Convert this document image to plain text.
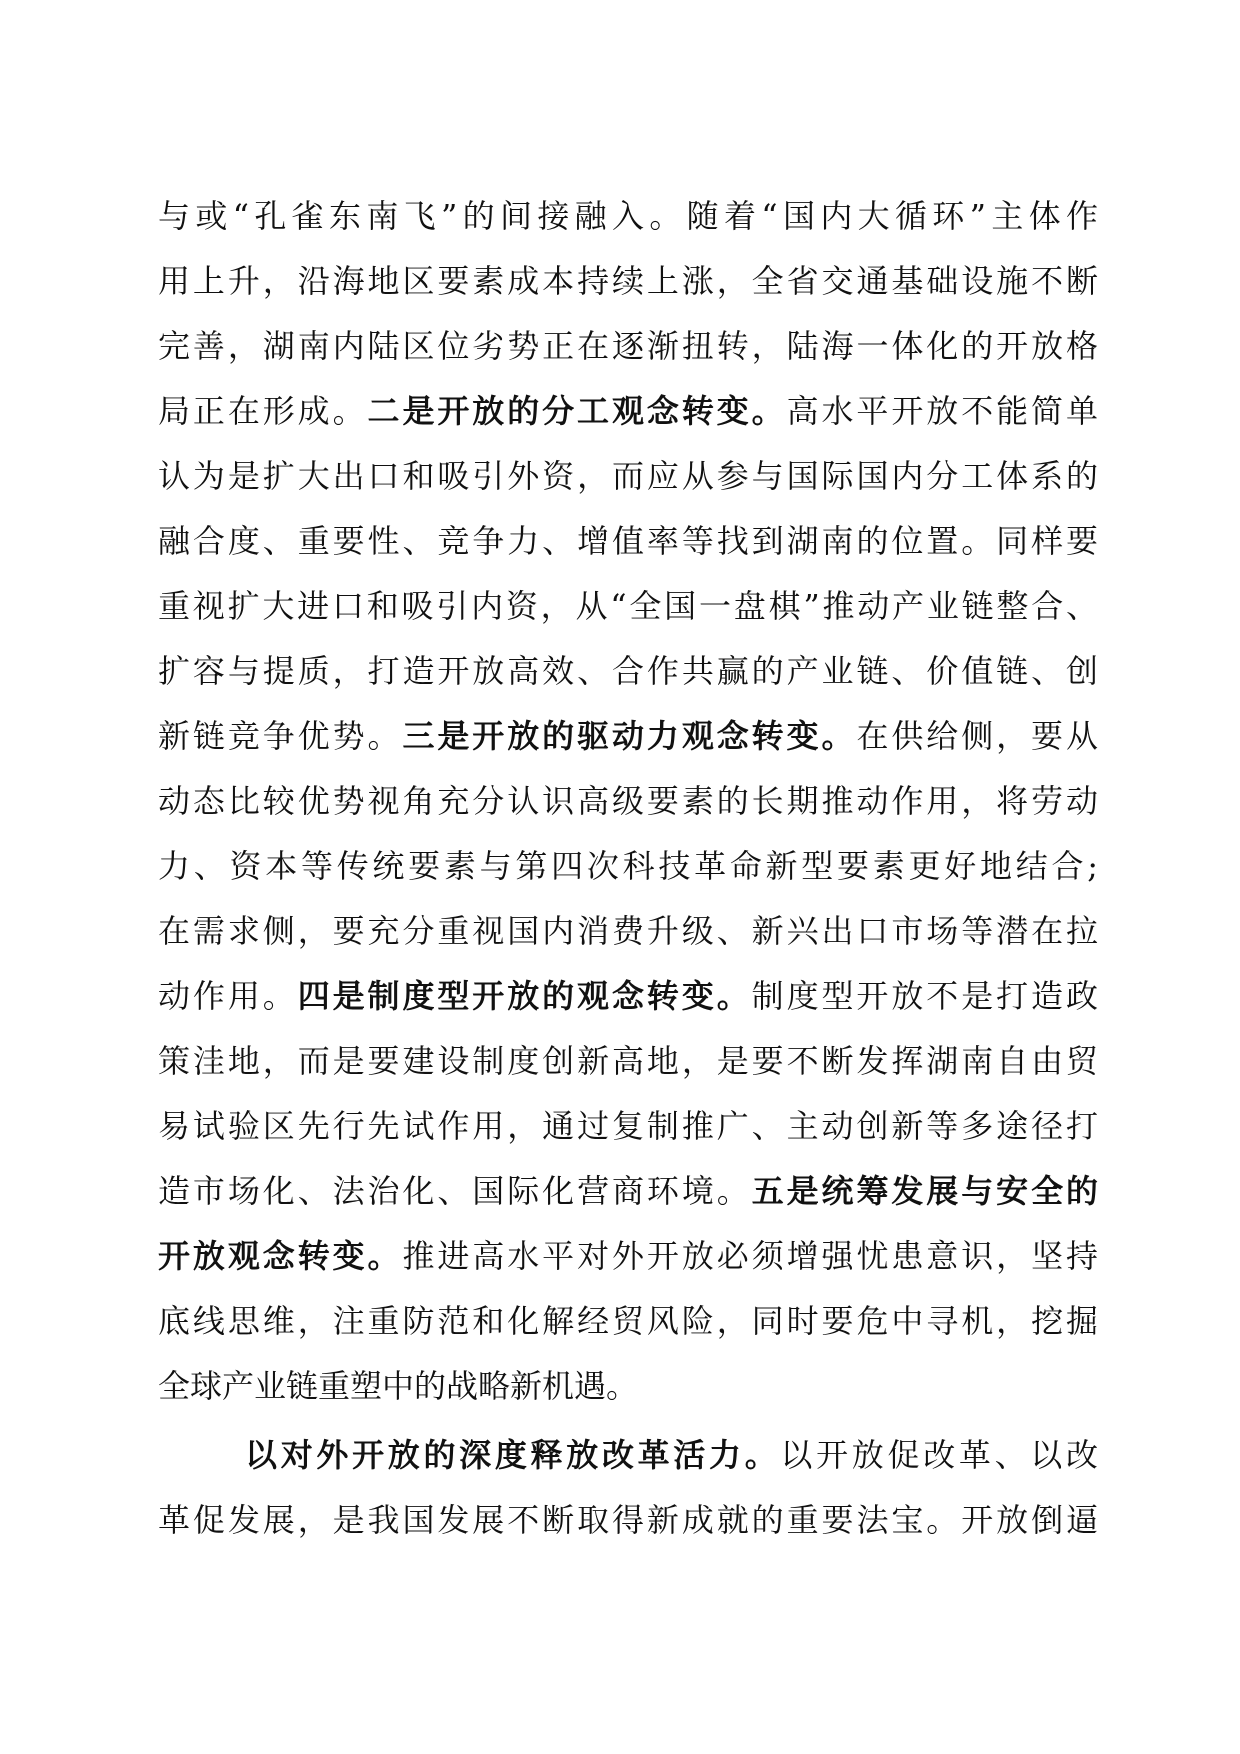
与或“孔雀东南飞”的间接融入。随着“国内大循环”主体作
用上升，沿海地区要素成本持续上涨，全省交通基础设施不断
完善，湖南内陆区位劣势正在逐渐扭转，陆海一体化的开放格
局正在形成。二是开放的分工观念转变。高水平开放不能简单
认为是扩大出口和吸引外资，而应从参与国际国内分工体系的
融合度、重要性、竞争力、增值率等找到湖南的位置。同样要
重视扩大进口和吸引内资，从“全国一盘棋”推动产业链整合、
扩容与提质，打造开放高效、合作共赢的产业链、价值链、创
新链竞争优势。三是开放的驱动力观念转变。在供给侧，要从
动态比较优势视角充分认识高级要素的长期推动作用，将劳动
力、资本等传统要素与第四次科技革命新型要素更好地结合;
在需求侧，要充分重视国内消费升级、新兴出口市场等潜在拉
动作用。四是制度型开放的观念转变。制度型开放不是打造政
策洼地，而是要建设制度创新高地，是要不断发挥湖南自由贸
易试验区先行先试作用，通过复制推广、主动创新等多途径打
造市场化、法治化、国际化营商环境。五是统筹发展与安全的
开放观念转变。推进高水平对外开放必须增强忧患意识，坚持
底线思维，注重防范和化解经贸风险，同时要危中寻机，挖掘
全球产业链重塑中的战略新机遇。
以对外开放的深度释放改革活力。以开放促改革、以改
革促发展，是我国发展不断取得新成就的重要法宝。开放倒逼
